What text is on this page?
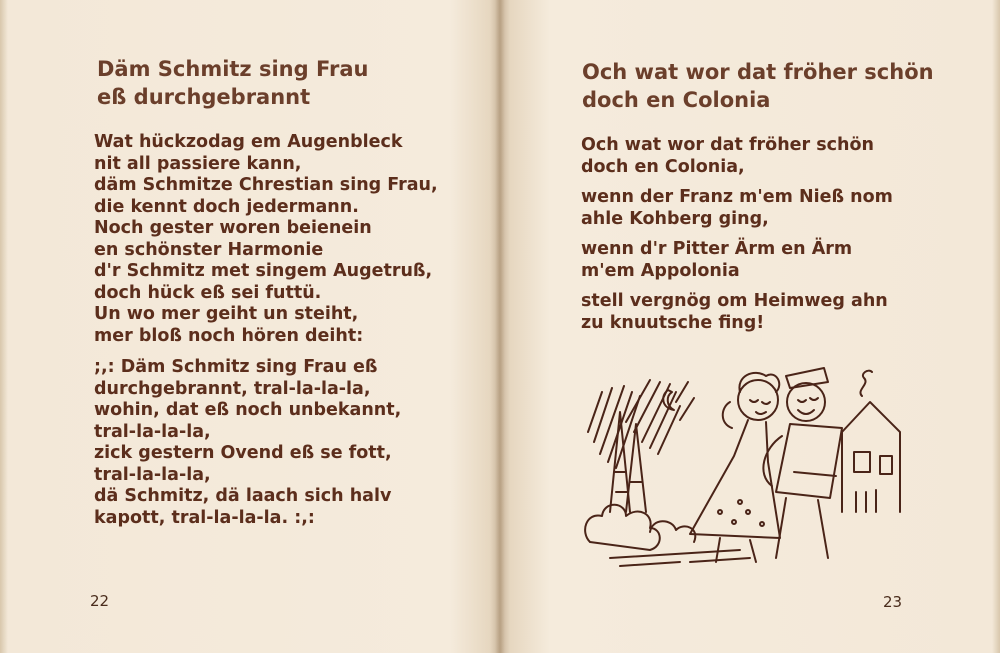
Däm Schmitz sing Frau
eß durchgebrannt
Wat hückzodag em Augenbleck
nit all passiere kann,
däm Schmitze Chrestian sing Frau,
die kennt doch jedermann.
Noch gester woren beienein
en schönster Harmonie
d'r Schmitz met singem Augetruß,
doch hück eß sei futtü.
Un wo mer geiht un steiht,
mer bloß noch hören deiht:
;,: Däm Schmitz sing Frau eß
durchgebrannt, tral-la-la-la,
wohin, dat eß noch unbekannt,
tral-la-la-la,
zick gestern Ovend eß se fott,
tral-la-la-la,
dä Schmitz, dä laach sich halv
kapott, tral-la-la-la. :,:
22
Och wat wor dat fröher schön
doch en Colonia
Och wat wor dat fröher schön
doch en Colonia,
wenn der Franz m'em Nieß nom
ahle Kohberg ging,
wenn d'r Pitter Ärm en Ärm
m'em Appolonia
stell vergnög om Heimweg ahn
zu knuutsche fing!
23
